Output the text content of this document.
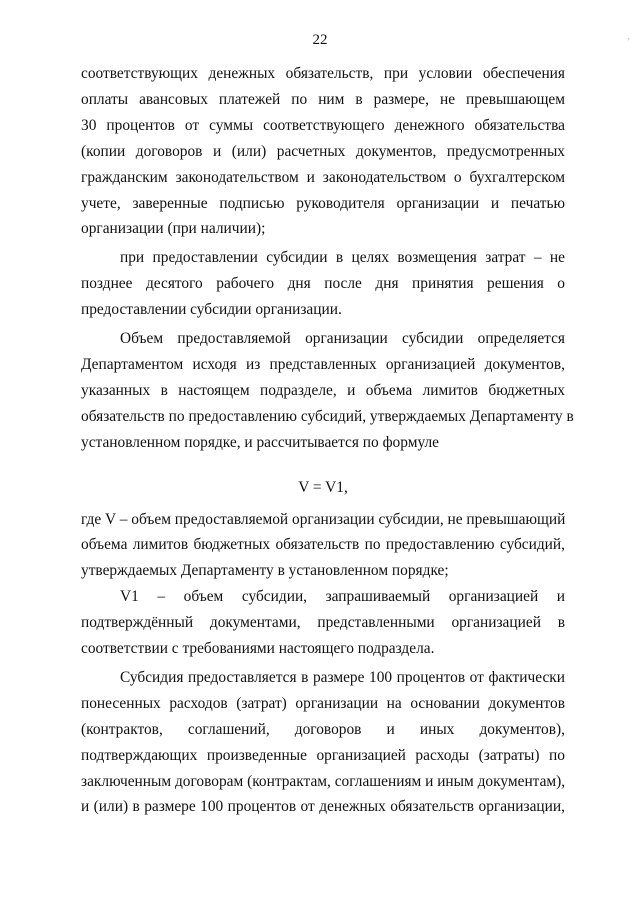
22

соответствующих денежных обязательств, при условии обеспечения

оплаты авансовых платежей по ним в размере, не превышающем

30 процентов от суммы соответствующего денежного обязательства

(копии договоров и (или) расчетных документов, предусмотренных

гражданским законодательством и законодательством о бухгалтерском

учете, заверенные подписью руководителя организации и печатью

организации (при наличии);

при предоставлении субсидии в целях возмещения затрат – не

позднее десятого рабочего дня после дня принятия решения о

предоставлении субсидии организации.

Объем предоставляемой организации субсидии определяется

Департаментом исходя из представленных организацией документов,

указанных в настоящем подразделе, и объема лимитов бюджетных

обязательств по предоставлению субсидий, утверждаемых Департаменту в

установленном порядке, и рассчитывается по формуле

V = V1,

где V – объем предоставляемой организации субсидии, не превышающий

объема лимитов бюджетных обязательств по предоставлению субсидий,

утверждаемых Департаменту в установленном порядке;

V1 – объем субсидии, запрашиваемый организацией и

подтверждённый документами, представленными организацией в

соответствии с требованиями настоящего подраздела.

Субсидия предоставляется в размере 100 процентов от фактически

понесенных расходов (затрат) организации на основании документов

(контрактов, соглашений, договоров и иных документов),

подтверждающих произведенные организацией расходы (затраты) по

заключенным договорам (контрактам, соглашениям и иным документам),

и (или) в размере 100 процентов от денежных обязательств организации,

ʼ
